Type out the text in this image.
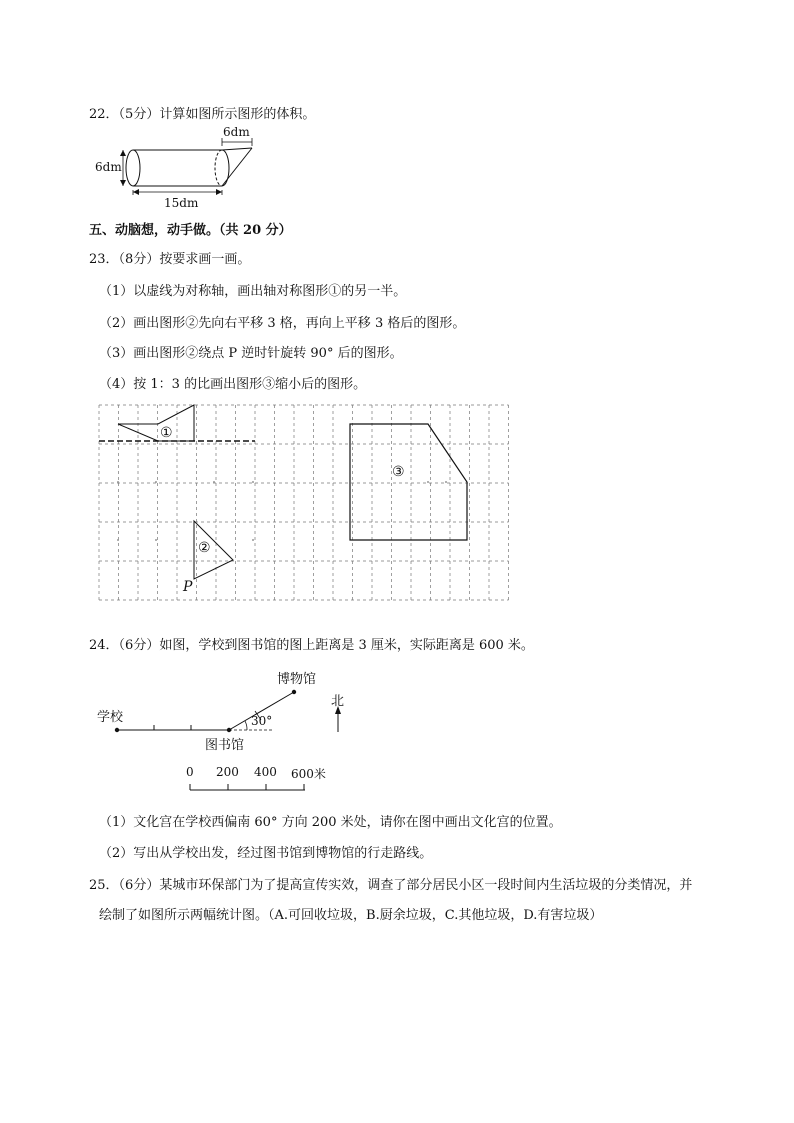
22．（5分）计算如图所示图形的体积。
6dm
6dm
15dm
五、动脑想，动手做。（共 20 分）
23．（8分）按要求画一画。
（1）以虚线为对称轴，画出轴对称图形①的另一半。
（2）画出图形②先向右平移 3 格，再向上平移 3 格后的图形。
（3）画出图形②绕点 P 逆时针旋转 90° 后的图形。
（4）按 1：3 的比画出图形③缩小后的图形。
①
②
③
P
24．（6分）如图，学校到图书馆的图上距离是 3 厘米，实际距离是 600 米。
学校
图书馆
博物馆
30°
北
0 200 400 600米
（1）文化宫在学校西偏南 60° 方向 200 米处，请你在图中画出文化宫的位置。
（2）写出从学校出发，经过图书馆到博物馆的行走路线。
25．（6分）某城市环保部门为了提高宣传实效，调查了部分居民小区一段时间内生活垃圾的分类情况，并
绘制了如图所示两幅统计图。（A.可回收垃圾，B.厨余垃圾，C.其他垃圾，D.有害垃圾）
